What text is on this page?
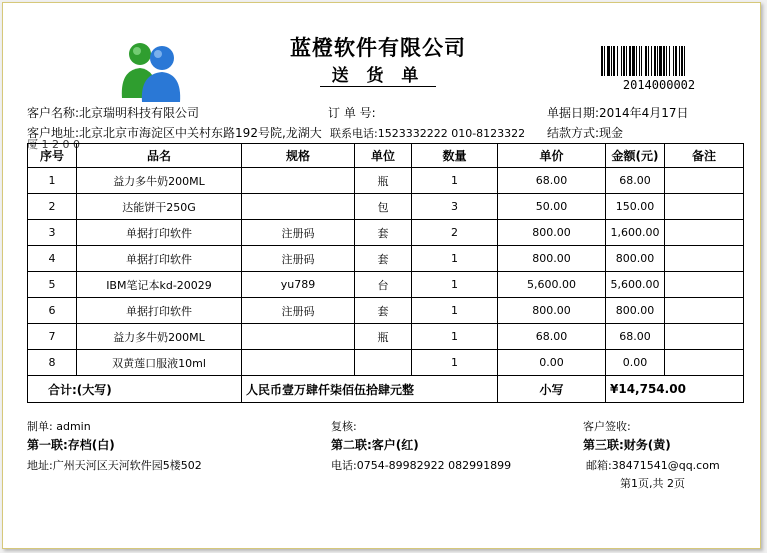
蓝橙软件有限公司
送 货 单	2014000002
客户名称:北京瑞明科技有限公司	订 单 号:	单据日期:2014年4月17日
客户地址:北京北京市海淀区中关村东路192号院,龙湖大 联系电话:1523332222 010-8123322 结款方式:现金
序号	品名	规格	单位	数量	单价	金额(元)	备注
1	益力多牛奶200ML		瓶	1	68.00	68.00	
2	达能饼干250G		包	3	50.00	150.00	
3	单据打印软件	注册码	套	2	800.00	1,600.00	
4	单据打印软件	注册码	套	1	800.00	800.00	
5	IBM笔记本kd-20029	yu789	台	1	5,600.00	5,600.00	
6	单据打印软件	注册码	套	1	800.00	800.00	
7	益力多牛奶200ML		瓶	1	68.00	68.00	
8	双黄莲口服液10ml			1	0.00	0.00	
合计:(大写)		人民币壹万肆仟柒佰伍拾肆元整			小写	¥14,754.00	
制单: admin	复核:	客户签收:
第一联:存档(白)	第二联:客户(红)	第三联:财务(黄)
地址:广州天河区天河软件园5楼502	电话:0754-89982922 082991899	邮箱:38471541@qq.com
第1页,共 2页
